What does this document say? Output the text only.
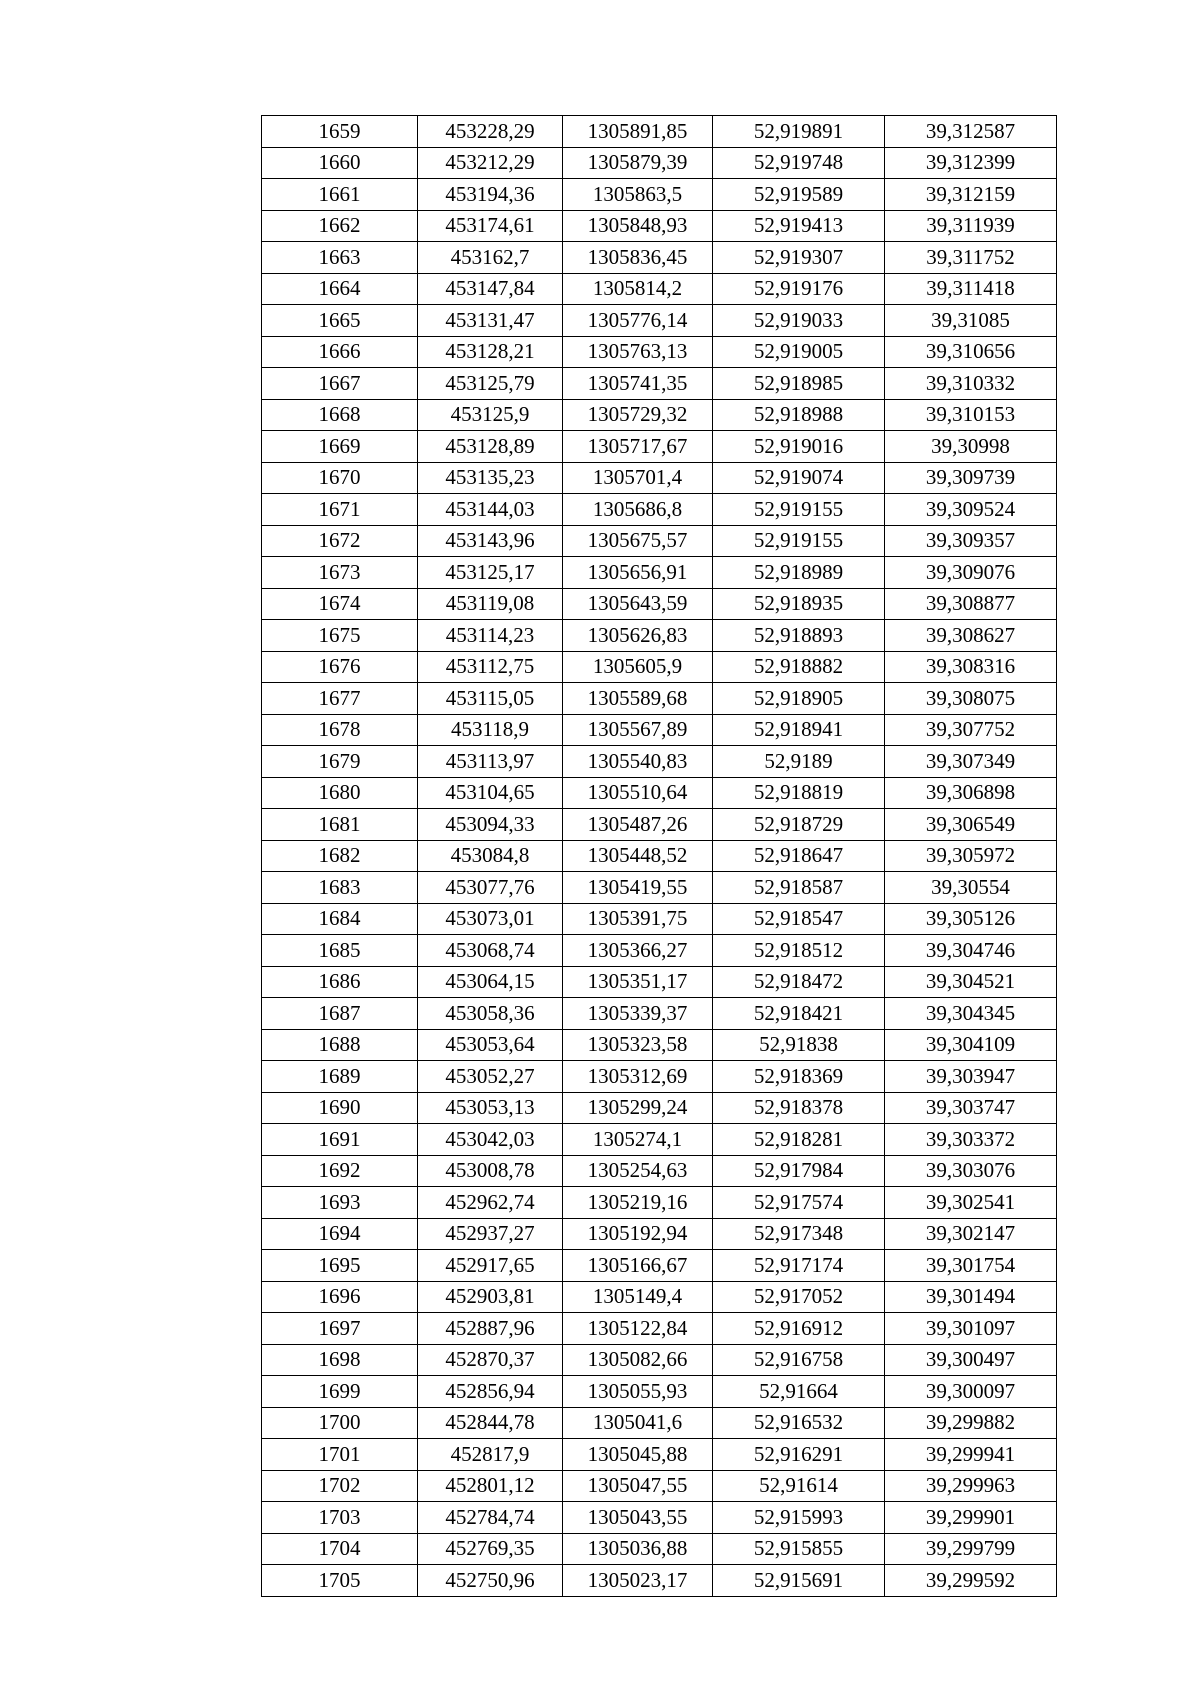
1659	453228,29	1305891,85	52,919891	39,312587
1660	453212,29	1305879,39	52,919748	39,312399
1661	453194,36	1305863,5	52,919589	39,312159
1662	453174,61	1305848,93	52,919413	39,311939
1663	453162,7	1305836,45	52,919307	39,311752
1664	453147,84	1305814,2	52,919176	39,311418
1665	453131,47	1305776,14	52,919033	39,31085
1666	453128,21	1305763,13	52,919005	39,310656
1667	453125,79	1305741,35	52,918985	39,310332
1668	453125,9	1305729,32	52,918988	39,310153
1669	453128,89	1305717,67	52,919016	39,30998
1670	453135,23	1305701,4	52,919074	39,309739
1671	453144,03	1305686,8	52,919155	39,309524
1672	453143,96	1305675,57	52,919155	39,309357
1673	453125,17	1305656,91	52,918989	39,309076
1674	453119,08	1305643,59	52,918935	39,308877
1675	453114,23	1305626,83	52,918893	39,308627
1676	453112,75	1305605,9	52,918882	39,308316
1677	453115,05	1305589,68	52,918905	39,308075
1678	453118,9	1305567,89	52,918941	39,307752
1679	453113,97	1305540,83	52,9189	39,307349
1680	453104,65	1305510,64	52,918819	39,306898
1681	453094,33	1305487,26	52,918729	39,306549
1682	453084,8	1305448,52	52,918647	39,305972
1683	453077,76	1305419,55	52,918587	39,30554
1684	453073,01	1305391,75	52,918547	39,305126
1685	453068,74	1305366,27	52,918512	39,304746
1686	453064,15	1305351,17	52,918472	39,304521
1687	453058,36	1305339,37	52,918421	39,304345
1688	453053,64	1305323,58	52,91838	39,304109
1689	453052,27	1305312,69	52,918369	39,303947
1690	453053,13	1305299,24	52,918378	39,303747
1691	453042,03	1305274,1	52,918281	39,303372
1692	453008,78	1305254,63	52,917984	39,303076
1693	452962,74	1305219,16	52,917574	39,302541
1694	452937,27	1305192,94	52,917348	39,302147
1695	452917,65	1305166,67	52,917174	39,301754
1696	452903,81	1305149,4	52,917052	39,301494
1697	452887,96	1305122,84	52,916912	39,301097
1698	452870,37	1305082,66	52,916758	39,300497
1699	452856,94	1305055,93	52,91664	39,300097
1700	452844,78	1305041,6	52,916532	39,299882
1701	452817,9	1305045,88	52,916291	39,299941
1702	452801,12	1305047,55	52,91614	39,299963
1703	452784,74	1305043,55	52,915993	39,299901
1704	452769,35	1305036,88	52,915855	39,299799
1705	452750,96	1305023,17	52,915691	39,299592
